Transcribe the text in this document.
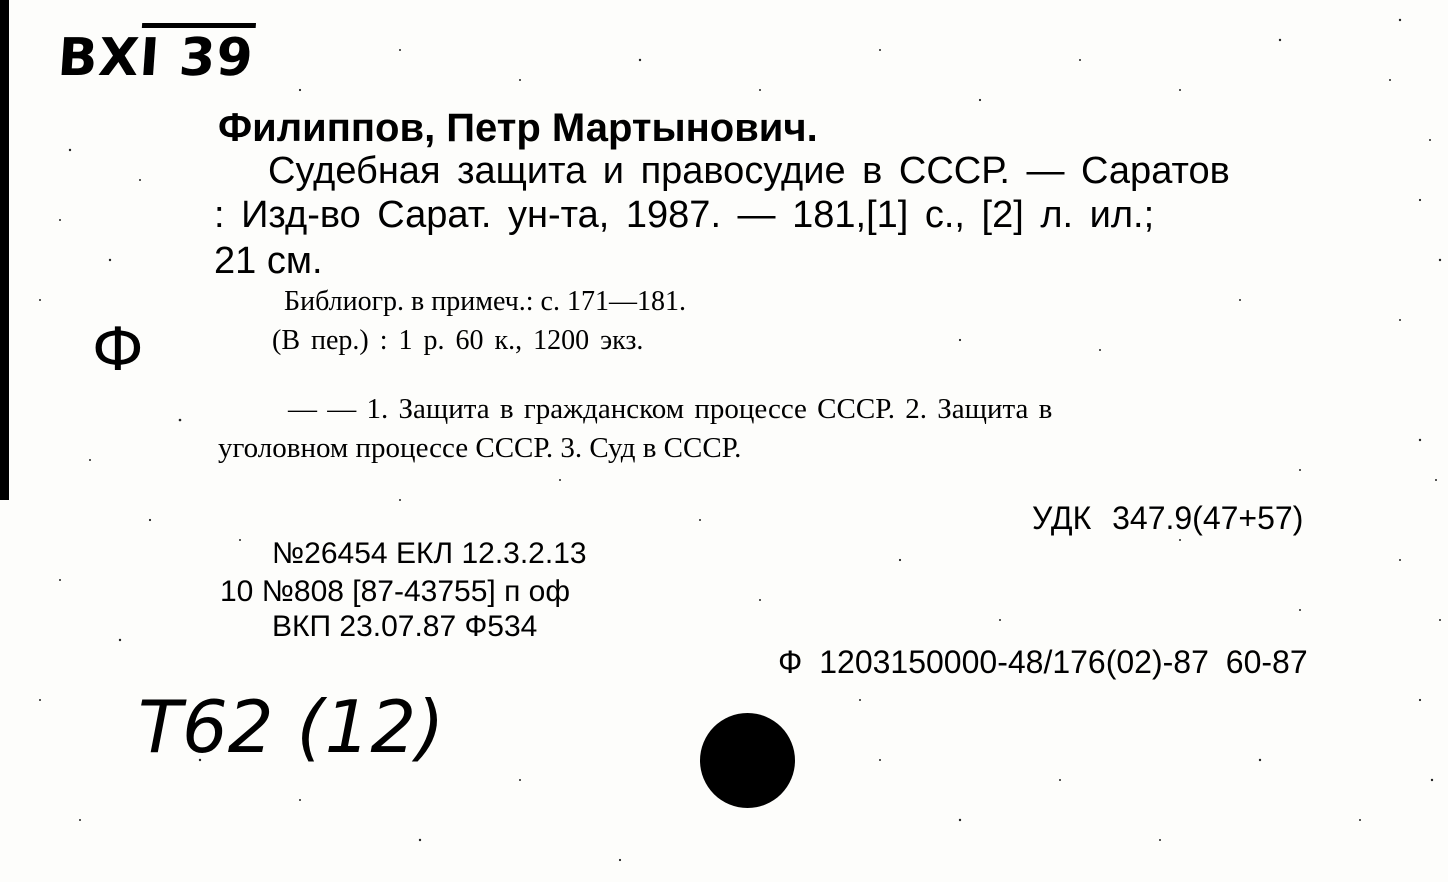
BXI 39
Ф
Т62 (12)
Филиппов, Петр Мартынович.
Судебная защита и правосудие в СССР. — Саратов
: Изд-во Сарат. ун-та, 1987. — 181,[1] с., [2] л. ил.;
21 см.
Библиогр. в примеч.: с. 171—181.
(В пер.) : 1 р. 60 к., 1200 экз.
— — 1. Защита в гражданском процессе СССР. 2. Защита в
уголовном процессе СССР. 3. Суд в СССР.
УДК 347.9(47+57)
№26454 ЕКЛ 12.3.2.13
10 №808 [87-43755] п оф
ВКП 23.07.87 Ф534
Ф 1203150000-48/176(02)-87 60-87
